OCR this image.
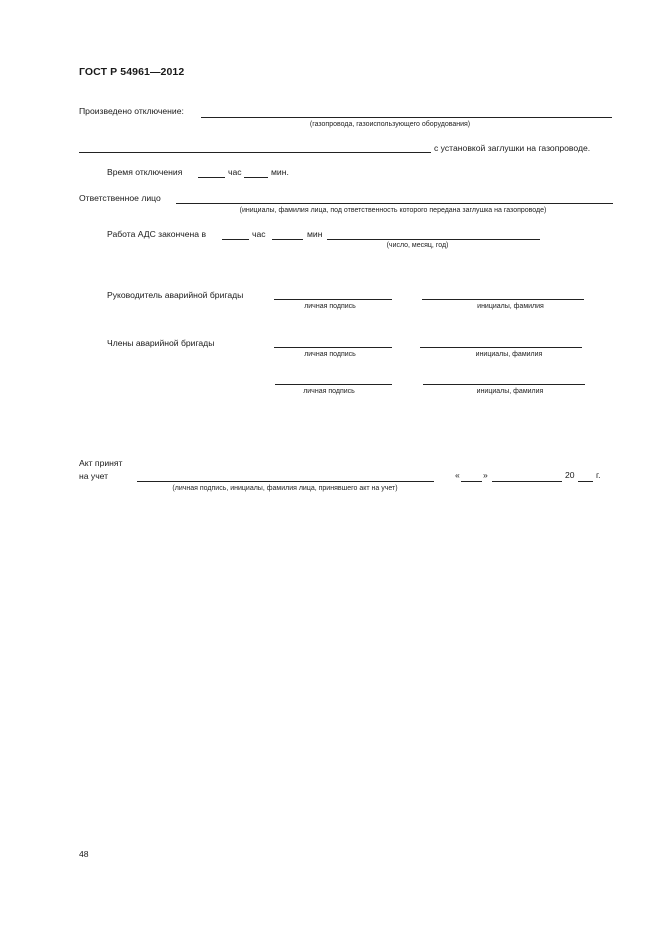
ГОСТ Р 54961—2012
Произведено отключение:
(газопровода, газоиспользующего оборудования)
с установкой заглушки на газопроводе.
Время отключения	час	мин.
Ответственное лицо
(инициалы, фамилия лица, под ответственность которого передана заглушка на газопроводе)
Работа АДС закончена в	час	мин
(число, месяц, год)
Руководитель аварийной бригады
личная подпись	инициалы, фамилия
Члены аварийной бригады
личная подпись	инициалы, фамилия
личная подпись	инициалы, фамилия
Акт принят
на учет
(личная подпись, инициалы, фамилия лица, принявшего акт на учет)
«	»	20 г.
48
